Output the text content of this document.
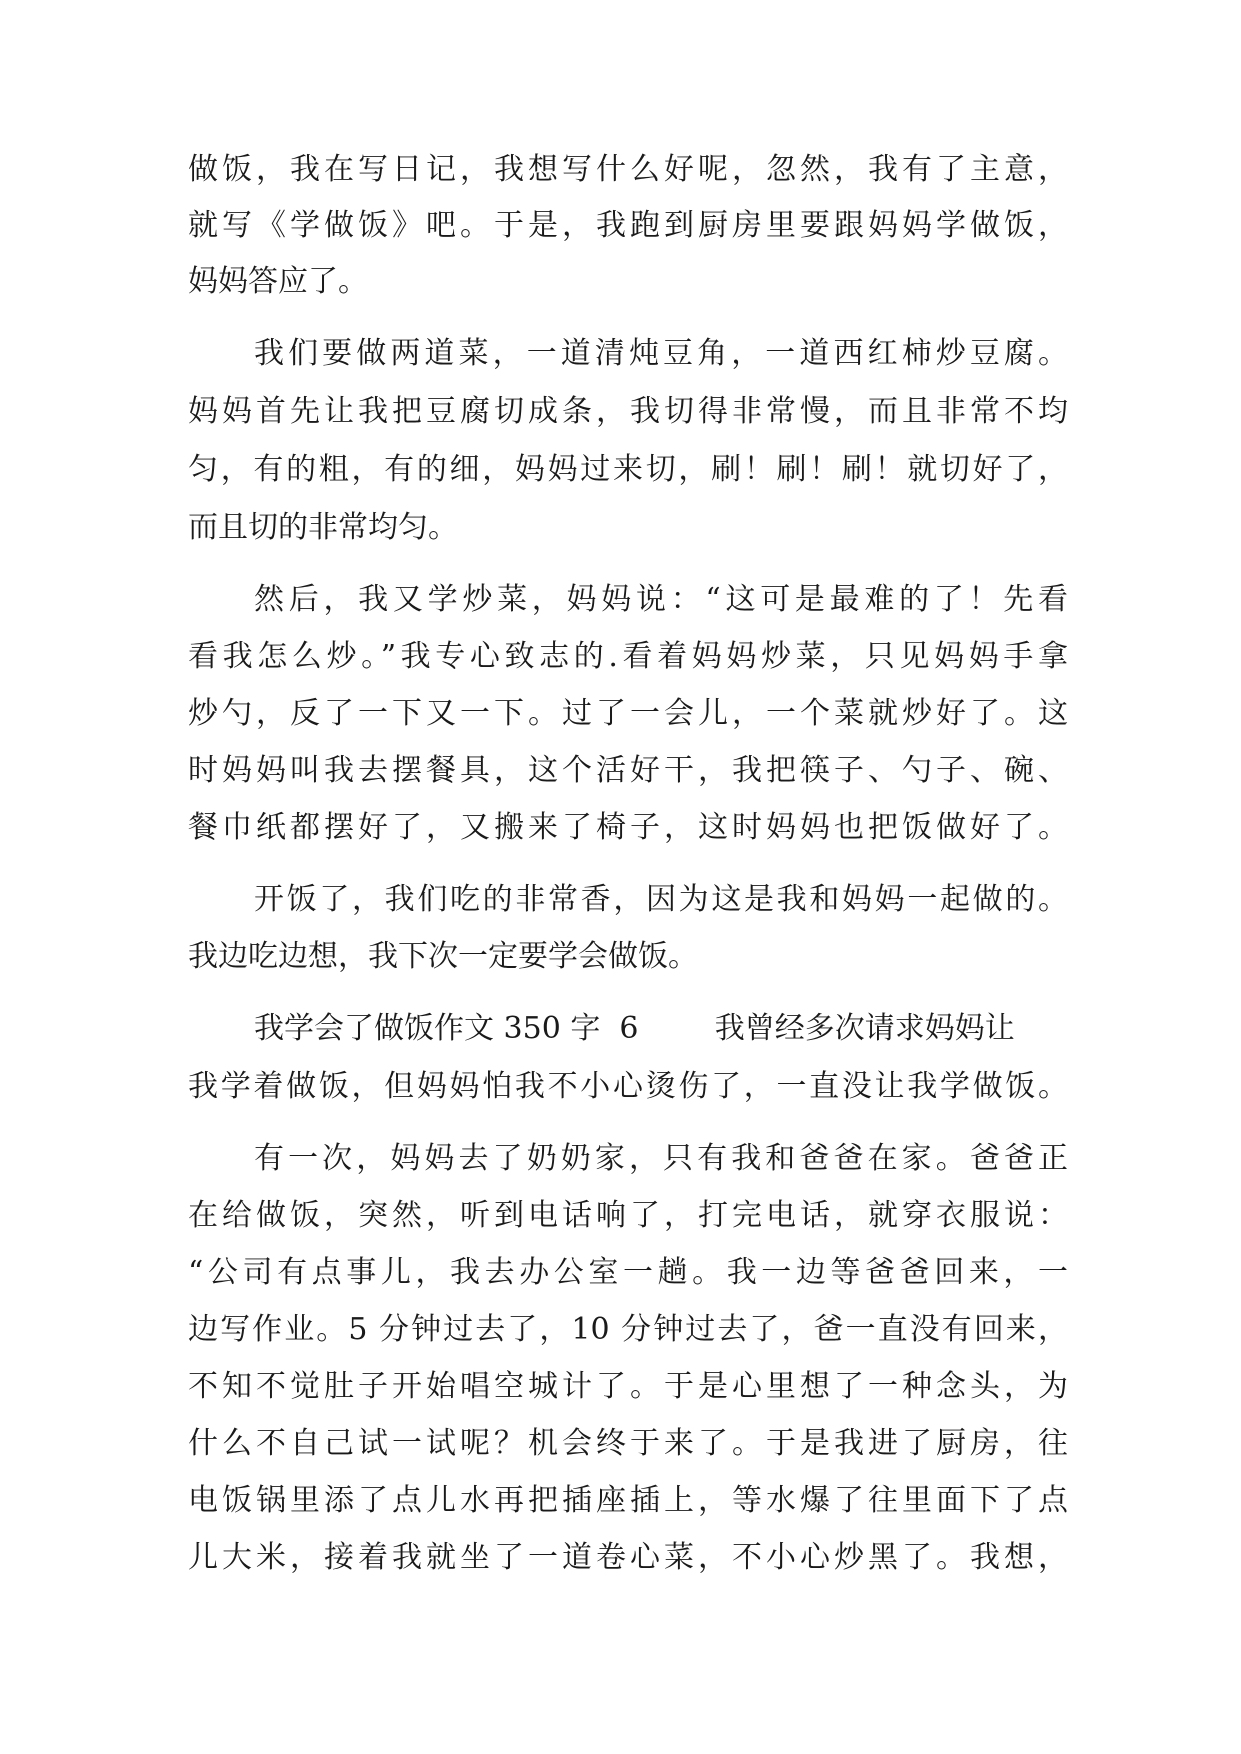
做饭，我在写日记，我想写什么好呢，忽然，我有了主意，
就写《学做饭》吧。于是，我跑到厨房里要跟妈妈学做饭，
妈妈答应了。
我们要做两道菜，一道清炖豆角，一道西红柿炒豆腐。
妈妈首先让我把豆腐切成条，我切得非常慢，而且非常不均
匀，有的粗，有的细，妈妈过来切，刷！刷！刷！就切好了，
而且切的非常均匀。
然后，我又学炒菜，妈妈说：“这可是最难的了！先看
看我怎么炒。”我专心致志的.看着妈妈炒菜，只见妈妈手拿
炒勺，反了一下又一下。过了一会儿，一个菜就炒好了。这
时妈妈叫我去摆餐具，这个活好干，我把筷子、勺子、碗、
餐巾纸都摆好了，又搬来了椅子，这时妈妈也把饭做好了。
开饭了，我们吃的非常香，因为这是我和妈妈一起做的。
我边吃边想，我下次一定要学会做饭。
我学会了做饭作文 350 字  6        我曾经多次请求妈妈让
我学着做饭，但妈妈怕我不小心烫伤了，一直没让我学做饭。
有一次，妈妈去了奶奶家，只有我和爸爸在家。爸爸正
在给做饭，突然，听到电话响了，打完电话，就穿衣服说：
“公司有点事儿，我去办公室一趟。我一边等爸爸回来，一
边写作业。5 分钟过去了，10 分钟过去了，爸一直没有回来，
不知不觉肚子开始唱空城计了。于是心里想了一种念头，为
什么不自己试一试呢？机会终于来了。于是我进了厨房，往
电饭锅里添了点儿水再把插座插上，等水爆了往里面下了点
儿大米，接着我就坐了一道卷心菜，不小心炒黑了。我想，
